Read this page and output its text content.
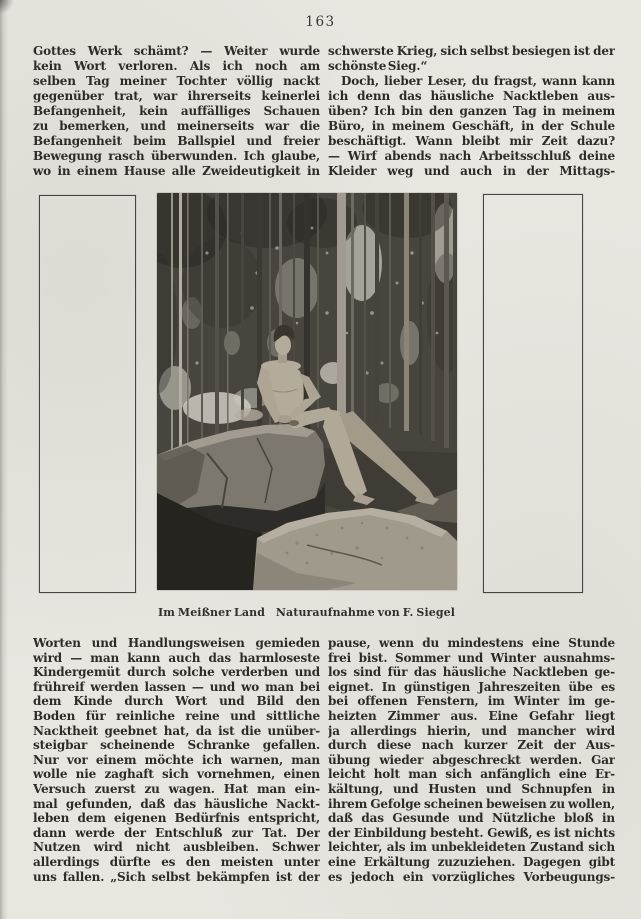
163
Gottes Werk schämt? — Weiter wurde
kein Wort verloren. Als ich noch am
selben Tag meiner Tochter völlig nackt
gegenüber trat, war ihrerseits keinerlei
Befangenheit, kein auffälliges Schauen
zu bemerken, und meinerseits war die
Befangenheit beim Ballspiel und freier
Bewegung rasch überwunden. Ich glaube,
wo in einem Hause alle Zweideutigkeit in
schwerste Krieg, sich selbst besiegen ist der
schönste Sieg.“
Doch, lieber Leser, du fragst, wann kann
ich denn das häusliche Nacktleben aus-
üben? Ich bin den ganzen Tag in meinem
Büro, in meinem Geschäft, in der Schule
beschäftigt. Wann bleibt mir Zeit dazu?
— Wirf abends nach Arbeitsschluß deine
Kleider weg und auch in der Mittags-
Im Meißner Land Naturaufnahme von F. Siegel
Worten und Handlungsweisen gemieden
wird — man kann auch das harmloseste
Kindergemüt durch solche verderben und
frühreif werden lassen — und wo man bei
dem Kinde durch Wort und Bild den
Boden für reinliche reine und sittliche
Nacktheit geebnet hat, da ist die unüber-
steigbar scheinende Schranke gefallen.
Nur vor einem möchte ich warnen, man
wolle nie zaghaft sich vornehmen, einen
Versuch zuerst zu wagen. Hat man ein-
mal gefunden, daß das häusliche Nackt-
leben dem eigenen Bedürfnis entspricht,
dann werde der Entschluß zur Tat. Der
Nutzen wird nicht ausbleiben. Schwer
allerdings dürfte es den meisten unter
uns fallen. „Sich selbst bekämpfen ist der
pause, wenn du mindestens eine Stunde
frei bist. Sommer und Winter ausnahms-
los sind für das häusliche Nacktleben ge-
eignet. In günstigen Jahreszeiten übe es
bei offenen Fenstern, im Winter im ge-
heizten Zimmer aus. Eine Gefahr liegt
ja allerdings hierin, und mancher wird
durch diese nach kurzer Zeit der Aus-
übung wieder abgeschreckt werden. Gar
leicht holt man sich anfänglich eine Er-
kältung, und Husten und Schnupfen in
ihrem Gefolge scheinen beweisen zu wollen,
daß das Gesunde und Nützliche bloß in
der Einbildung besteht. Gewiß, es ist nichts
leichter, als im unbekleideten Zustand sich
eine Erkältung zuzuziehen. Dagegen gibt
es jedoch ein vorzügliches Vorbeugungs-
